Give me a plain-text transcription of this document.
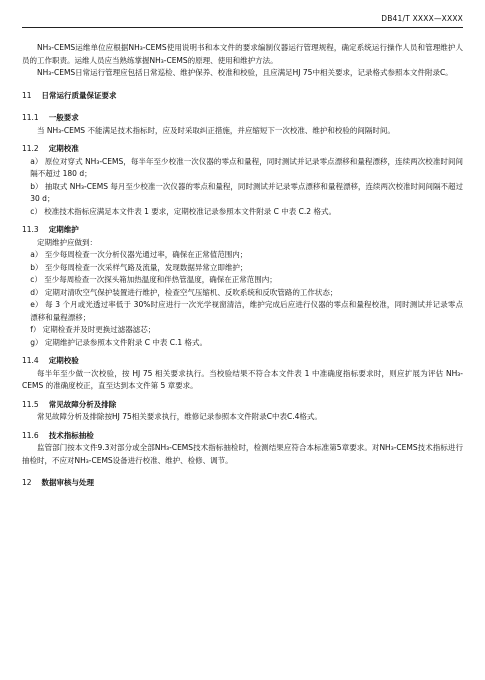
DB41/T XXXX—XXXX

NH₃-CEMS运维单位应根据NH₃-CEMS使用说明书和本文件的要求编制仪器运行管理规程，确定系统运行操作人员和管理维护人员的工作职责。运维人员应当熟练掌握NH₃-CEMS的原理、使用和维护方法。

NH₃-CEMS日常运行管理应包括日常巡检、维护保养、校准和校验，且应满足HJ 75中相关要求，记录格式参照本文件附录C。

11 日常运行质量保证要求

11.1 一般要求

当 NH₃-CEMS 不能满足技术指标时，应及时采取纠正措施，并应缩短下一次校准、维护和校验的间隔时间。

11.2 定期校准

a） 原位对穿式 NH₃-CEMS，每半年至少校准一次仪器的零点和量程，同时测试并记录零点漂移和量程漂移，连续两次校准时间间隔不超过 180 d；

b） 抽取式 NH₃-CEMS 每月至少校准一次仪器的零点和量程，同时测试并记录零点漂移和量程漂移，连续两次校准时间间隔不超过 30 d；

c） 校准技术指标应满足本文件表 1 要求，定期校准记录参照本文件附录 C 中表 C.2 格式。

11.3 定期维护

定期维护应做到：

a） 至少每周检查一次分析仪器光通过率，确保在正常值范围内；

b） 至少每周检查一次采样气路及流量，发现数据异常立即维护；

c） 至少每周检查一次探头箱加热温度和伴热管温度，确保在正常范围内；

d） 定期对清吹空气保护装置进行维护，检查空气压缩机、反吹系统和反吹管路的工作状态；

e） 每 3 个月或光透过率低于 30%时应进行一次光学视窗清洁，维护完成后应进行仪器的零点和量程校准，同时测试并记录零点漂移和量程漂移；

f） 定期检查并及时更换过滤器滤芯；

g） 定期维护记录参照本文件附录 C 中表 C.1 格式。

11.4 定期校验

每半年至少做一次校验，按 HJ 75 相关要求执行。当校验结果不符合本文件表 1 中准确度指标要求时，则应扩展为评估 NH₃-CEMS 的准确度校正，直至达到本文件第 5 章要求。

11.5 常见故障分析及排除

常见故障分析及排除按HJ 75相关要求执行，维修记录参照本文件附录C中表C.4格式。

11.6 技术指标抽检

监管部门按本文件9.3对部分或全部NH₃-CEMS技术指标抽检时，检测结果应符合本标准第5章要求。对NH₃-CEMS技术指标进行抽检时，不应对NH₃-CEMS设备进行校准、维护、检修、调节。

12 数据审核与处理
